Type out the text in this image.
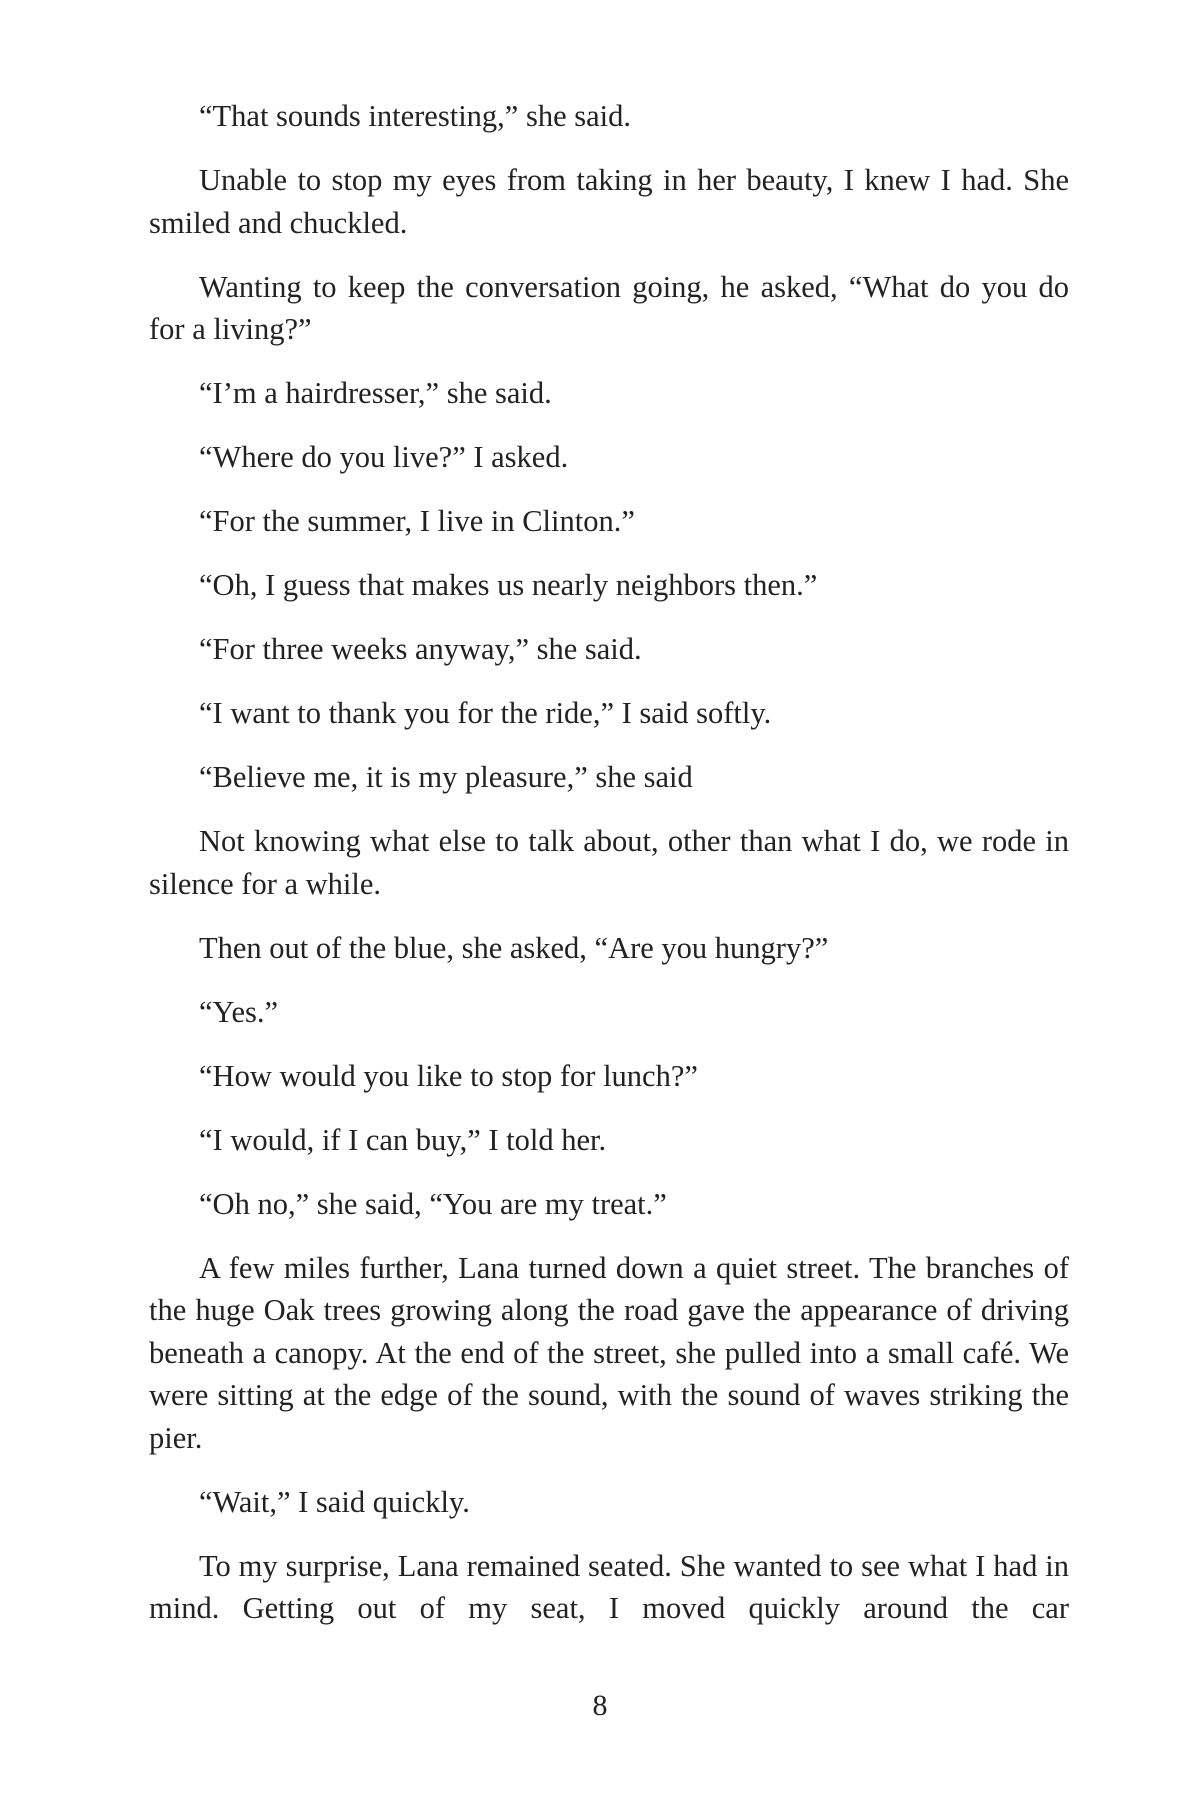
“That sounds interesting,” she said.

Unable to stop my eyes from taking in her beauty, I knew I had. She smiled and chuckled.

Wanting to keep the conversation going, he asked, “What do you do for a living?”

“I’m a hairdresser,” she said.

“Where do you live?” I asked.

“For the summer, I live in Clinton.”

“Oh, I guess that makes us nearly neighbors then.”

“For three weeks anyway,” she said.

“I want to thank you for the ride,” I said softly.

“Believe me, it is my pleasure,” she said

Not knowing what else to talk about, other than what I do, we rode in silence for a while.

Then out of the blue, she asked, “Are you hungry?”

“Yes.”

“How would you like to stop for lunch?”

“I would, if I can buy,” I told her.

“Oh no,” she said, “You are my treat.”

A few miles further, Lana turned down a quiet street. The branches of the huge Oak trees growing along the road gave the appearance of driving beneath a canopy. At the end of the street, she pulled into a small café. We were sitting at the edge of the sound, with the sound of waves striking the pier.

“Wait,” I said quickly.

To my surprise, Lana remained seated. She wanted to see what I had in mind. Getting out of my seat, I moved quickly around the car

8
